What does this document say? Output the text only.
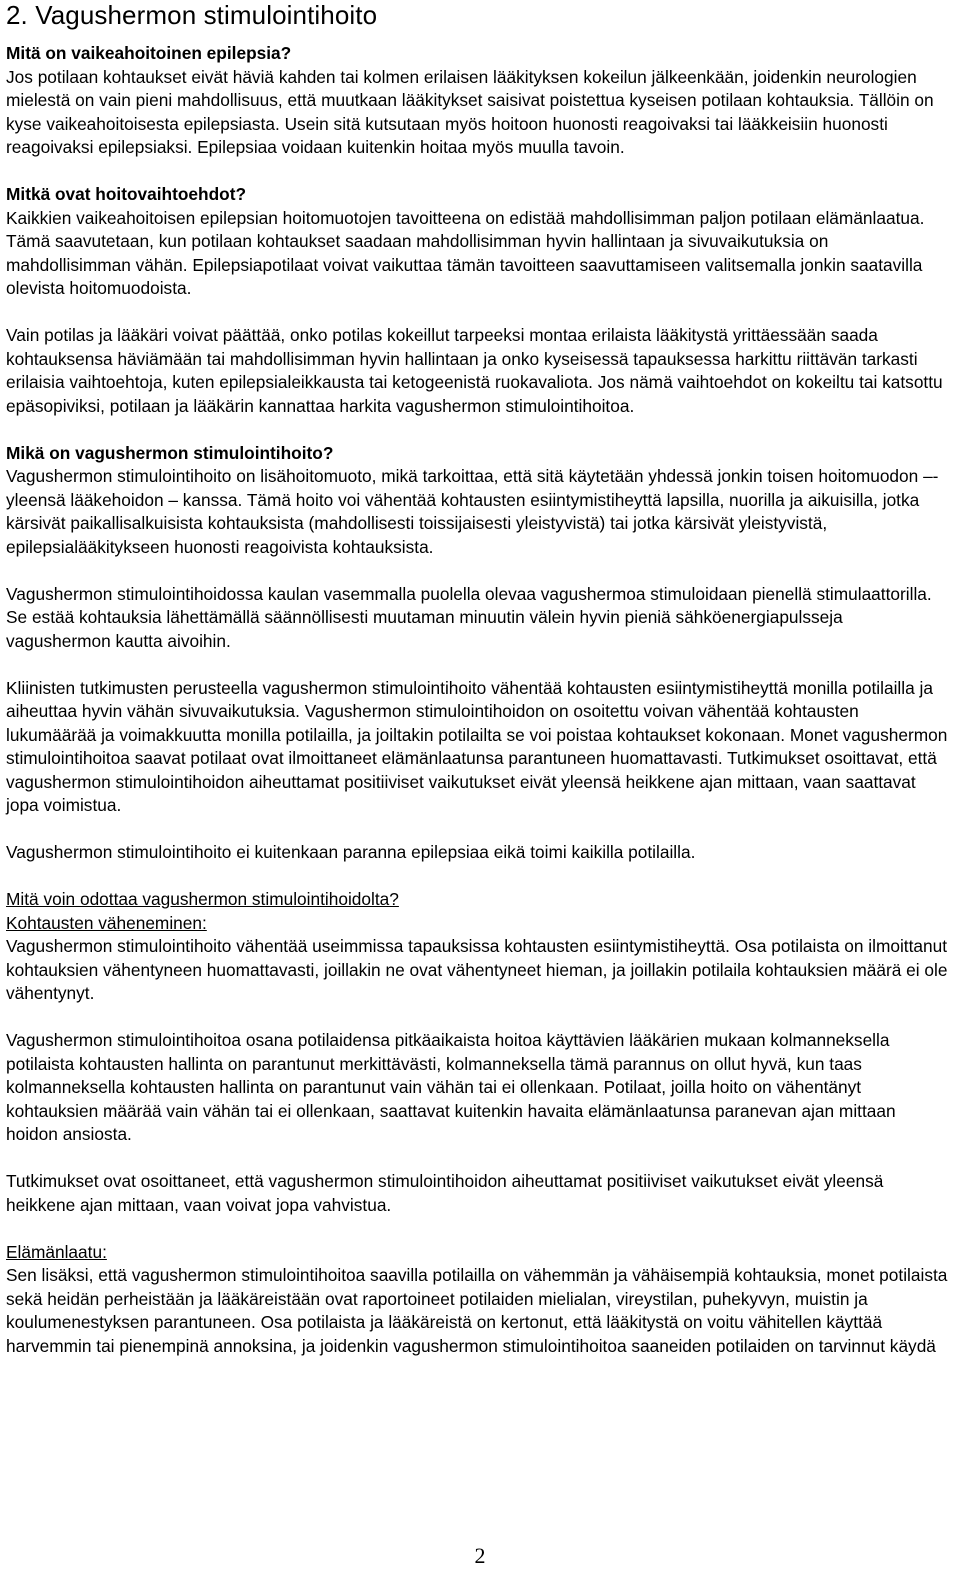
2. Vagushermon stimulointihoito

Mitä on vaikeahoitoinen epilepsia?

Jos potilaan kohtaukset eivät häviä kahden tai kolmen erilaisen lääkityksen kokeilun jälkeenkään, joidenkin neurologien mielestä on vain pieni mahdollisuus, että muutkaan lääkitykset saisivat poistettua kyseisen potilaan kohtauksia. Tällöin on kyse vaikeahoitoisesta epilepsiasta. Usein sitä kutsutaan myös hoitoon huonosti reagoivaksi tai lääkkeisiin huonosti reagoivaksi epilepsiaksi. Epilepsiaa voidaan kuitenkin hoitaa myös muulla tavoin.

Mitkä ovat hoitovaihtoehdot?

Kaikkien vaikeahoitoisen epilepsian hoitomuotojen tavoitteena on edistää mahdollisimman paljon potilaan elämänlaatua. Tämä saavutetaan, kun potilaan kohtaukset saadaan mahdollisimman hyvin hallintaan ja sivuvaikutuksia on mahdollisimman vähän. Epilepsiapotilaat voivat vaikuttaa tämän tavoitteen saavuttamiseen valitsemalla jonkin saatavilla olevista hoitomuodoista.

Vain potilas ja lääkäri voivat päättää, onko potilas kokeillut tarpeeksi montaa erilaista lääkitystä yrittäessään saada kohtauksensa häviämään tai mahdollisimman hyvin hallintaan ja onko kyseisessä tapauksessa harkittu riittävän tarkasti erilaisia vaihtoehtoja, kuten epilepsialeikkausta tai ketogeenistä ruokavaliota. Jos nämä vaihtoehdot on kokeiltu tai katsottu epäsopiviksi, potilaan ja lääkärin kannattaa harkita vagushermon stimulointihoitoa.

Mikä on vagushermon stimulointihoito?

Vagushermon stimulointihoito on lisähoitomuoto, mikä tarkoittaa, että sitä käytetään yhdessä jonkin toisen hoitomuodon –- yleensä lääkehoidon – kanssa. Tämä hoito voi vähentää kohtausten esiintymistiheyttä lapsilla, nuorilla ja aikuisilla, jotka kärsivät paikallisalkuisista kohtauksista (mahdollisesti toissijaisesti yleistyvistä) tai jotka kärsivät yleistyvistä, epilepsialääkitykseen huonosti reagoivista kohtauksista.

Vagushermon stimulointihoidossa kaulan vasemmalla puolella olevaa vagushermoa stimuloidaan pienellä stimulaattorilla. Se estää kohtauksia lähettämällä säännöllisesti muutaman minuutin välein hyvin pieniä sähköenergiapulsseja vagushermon kautta aivoihin.

Kliinisten tutkimusten perusteella vagushermon stimulointihoito vähentää kohtausten esiintymistiheyttä monilla potilailla ja aiheuttaa hyvin vähän sivuvaikutuksia. Vagushermon stimulointihoidon on osoitettu voivan vähentää kohtausten lukumäärää ja voimakkuutta monilla potilailla, ja joiltakin potilailta se voi poistaa kohtaukset kokonaan. Monet vagushermon stimulointihoitoa saavat potilaat ovat ilmoittaneet elämänlaatunsa parantuneen huomattavasti. Tutkimukset osoittavat, että vagushermon stimulointihoidon aiheuttamat positiiviset vaikutukset eivät yleensä heikkene ajan mittaan, vaan saattavat jopa voimistua.

Vagushermon stimulointihoito ei kuitenkaan paranna epilepsiaa eikä toimi kaikilla potilailla.

Mitä voin odottaa vagushermon stimulointihoidolta?

Kohtausten väheneminen:

Vagushermon stimulointihoito vähentää useimmissa tapauksissa kohtausten esiintymistiheyttä. Osa potilaista on ilmoittanut kohtauksien vähentyneen huomattavasti, joillakin ne ovat vähentyneet hieman, ja joillakin potilaila kohtauksien määrä ei ole vähentynyt.

Vagushermon stimulointihoitoa osana potilaidensa pitkäaikaista hoitoa käyttävien lääkärien mukaan kolmanneksella potilaista kohtausten hallinta on parantunut merkittävästi, kolmanneksella tämä parannus on ollut hyvä, kun taas kolmanneksella kohtausten hallinta on parantunut vain vähän tai ei ollenkaan. Potilaat, joilla hoito on vähentänyt kohtauksien määrää vain vähän tai ei ollenkaan, saattavat kuitenkin havaita elämänlaatunsa paranevan ajan mittaan hoidon ansiosta.

Tutkimukset ovat osoittaneet, että vagushermon stimulointihoidon aiheuttamat positiiviset vaikutukset eivät yleensä heikkene ajan mittaan, vaan voivat jopa vahvistua.

Elämänlaatu:

Sen lisäksi, että vagushermon stimulointihoitoa saavilla potilailla on vähemmän ja vähäisempiä kohtauksia, monet potilaista sekä heidän perheistään ja lääkäreistään ovat raportoineet potilaiden mielialan, vireystilan, puhekyvyn, muistin ja koulumenestyksen parantuneen. Osa potilaista ja lääkäreistä on kertonut, että lääkitystä on voitu vähitellen käyttää harvemmin tai pienempinä annoksina, ja joidenkin vagushermon stimulointihoitoa saaneiden potilaiden on tarvinnut käydä

2
